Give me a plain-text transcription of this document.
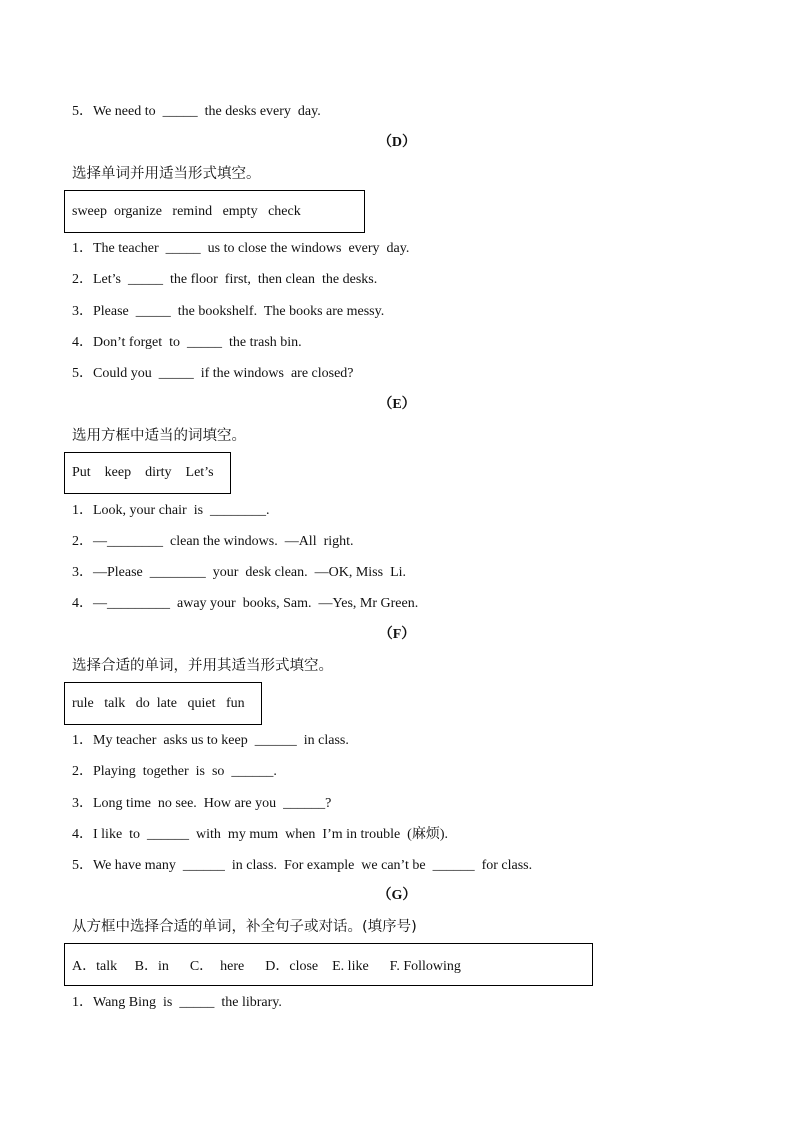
5．We need to  _____  the desks every  day.
（D）
选择单词并用适当形式填空。
sweep  organize   remind   empty   check
1．The teacher  _____  us to close the windows  every  day.
2．Let’s  _____  the floor  first,  then clean  the desks.
3．Please  _____  the bookshelf.  The books are messy.
4．Don’t forget  to  _____  the trash bin.
5．Could you  _____  if the windows  are closed?
（E）
选用方框中适当的词填空。
Put    keep    dirty    Let’s
1．Look, your chair  is  ________.
2．—________  clean the windows.  —All  right.
3．—Please  ________  your  desk clean.  —OK, Miss  Li.
4．—_________  away your  books, Sam.  —Yes, Mr Green.
（F）
选择合适的单词，并用其适当形式填空。
rule   talk   do  late   quiet   fun
1．My teacher  asks us to keep  ______  in class.
2．Playing  together  is  so  ______.
3．Long time  no see.  How are you  ______?
4．I like  to  ______  with  my mum  when  I’m in trouble  (麻烦).
5．We have many  ______  in class.  For example  we can’t be  ______  for class.
（G）
从方框中选择合适的单词，补全句子或对话。(填序号)
A．talk     B．in      C．  here      D．close    E. like      F. Following
1．Wang Bing  is  _____  the library.
